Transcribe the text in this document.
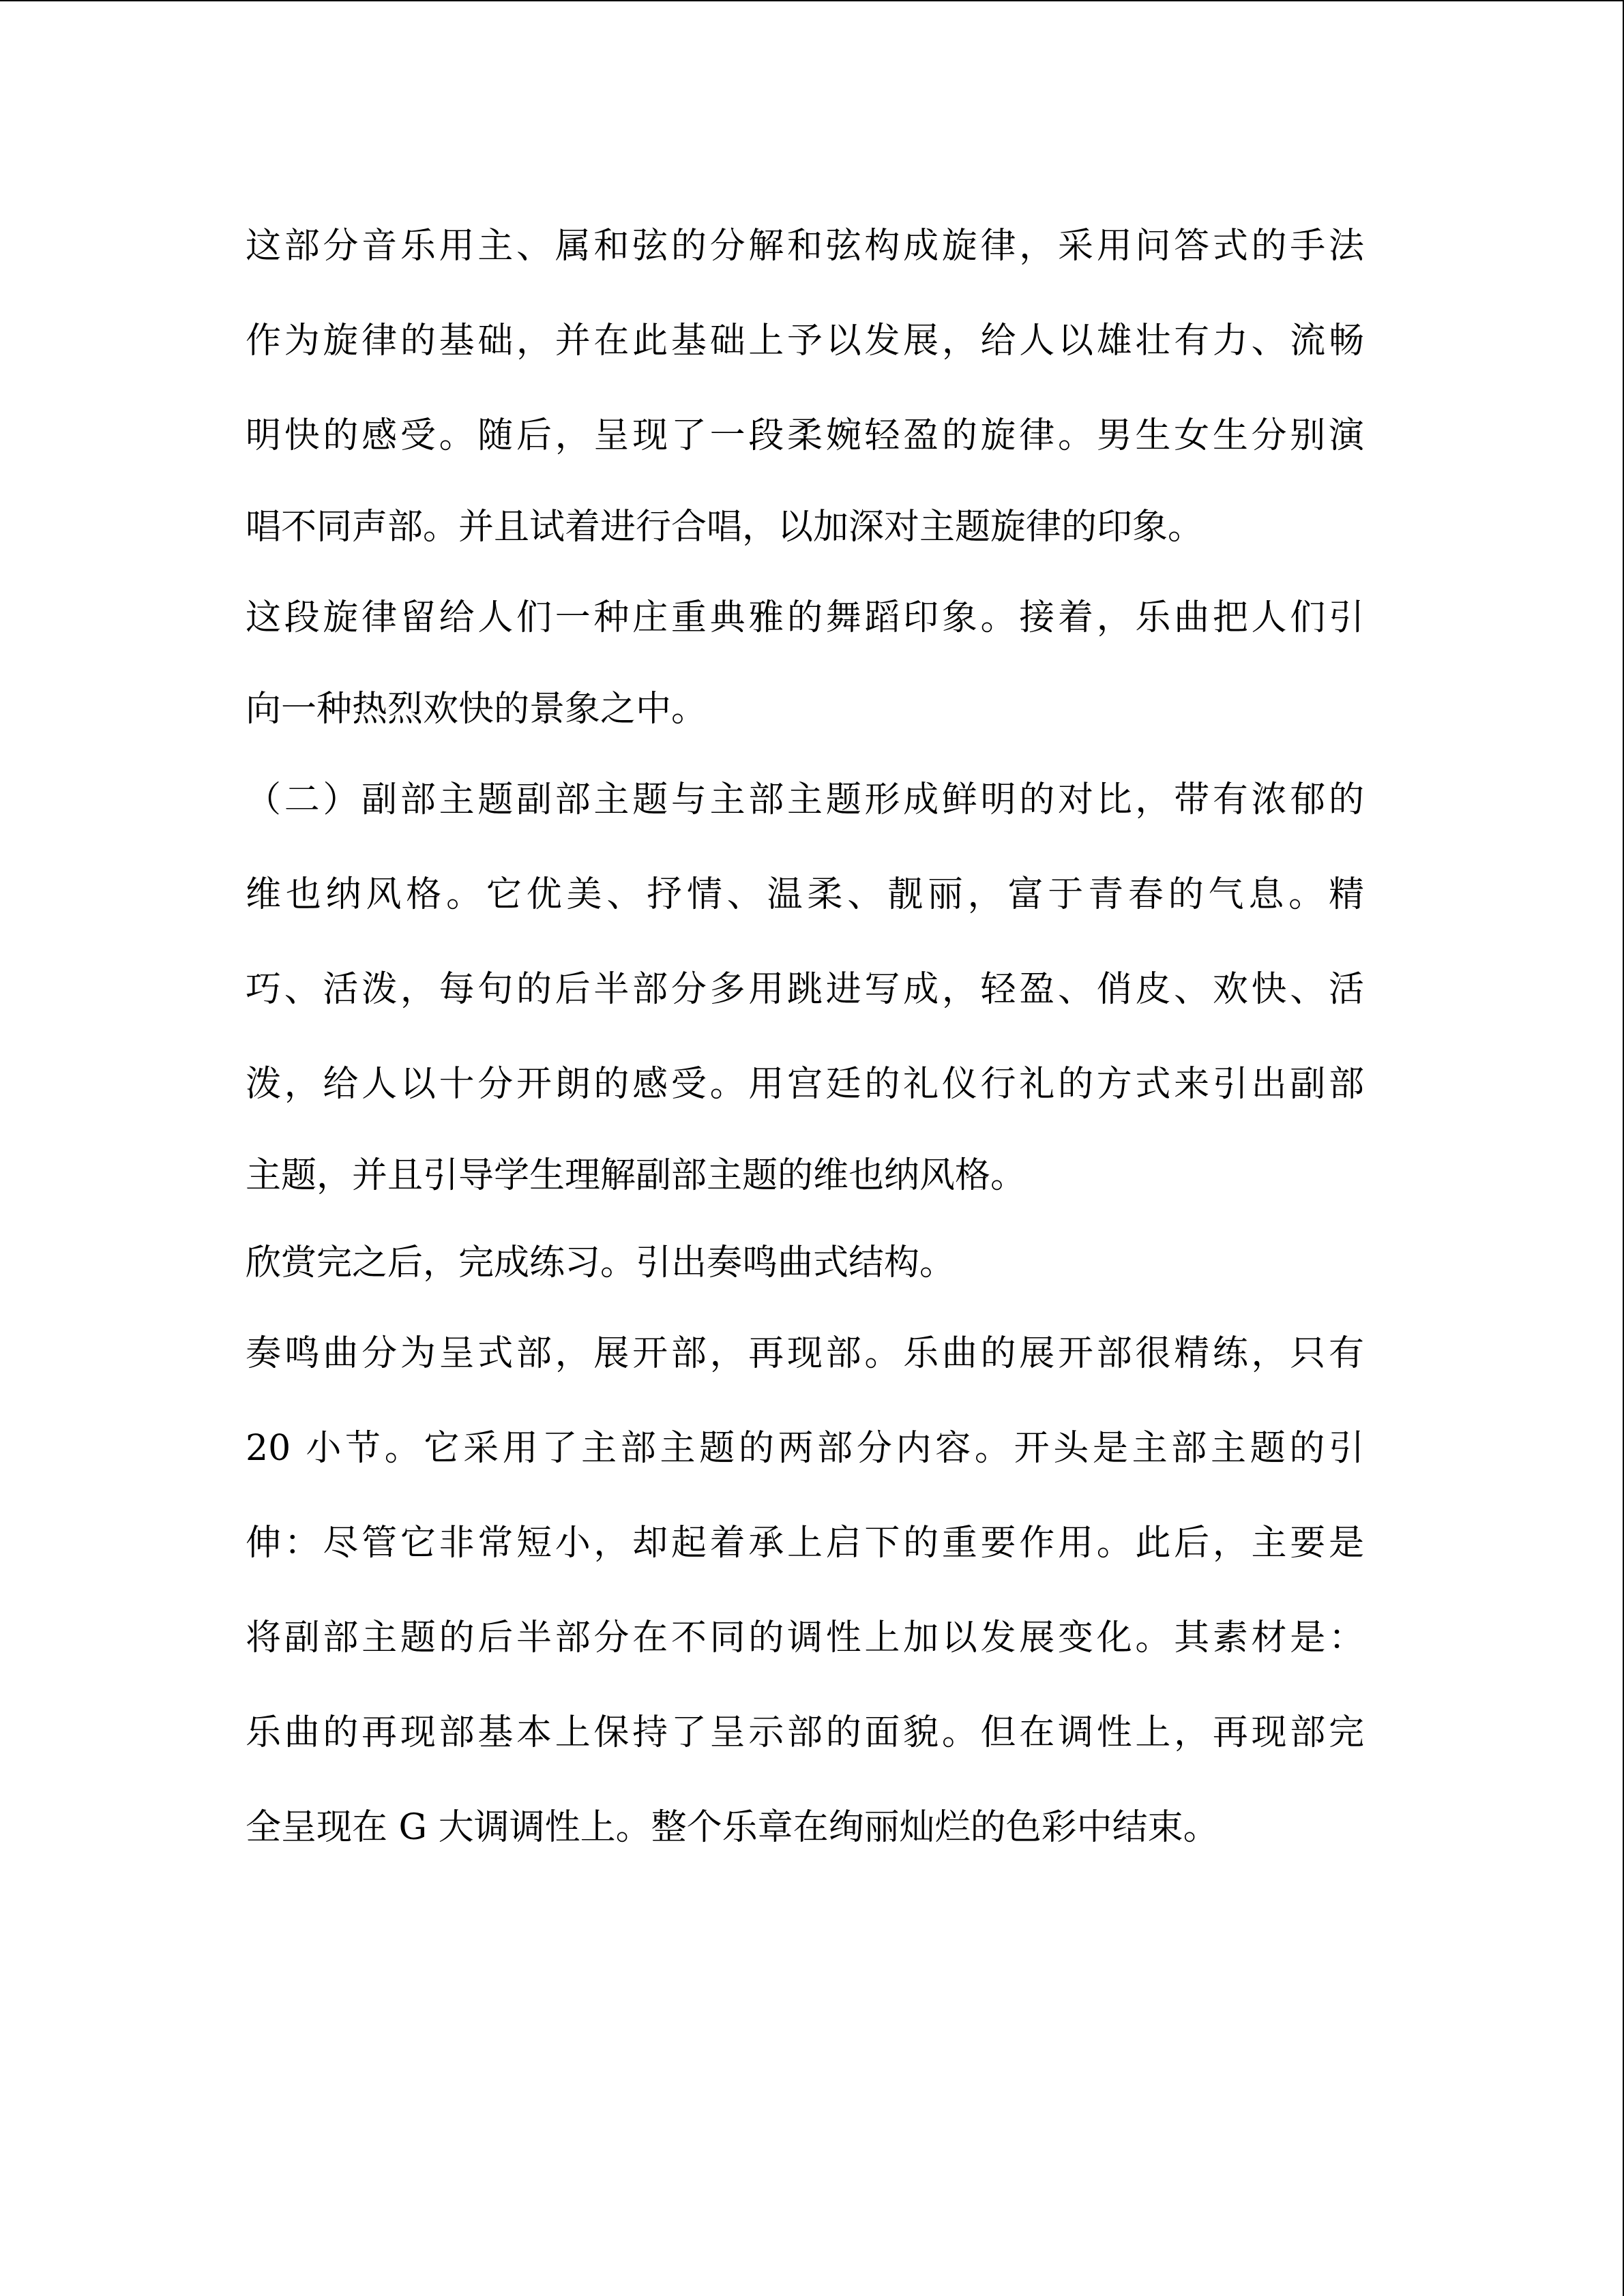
这部分音乐用主、属和弦的分解和弦构成旋律，采用问答式的手法
作为旋律的基础，并在此基础上予以发展，给人以雄壮有力、流畅
明快的感受。随后，呈现了一段柔婉轻盈的旋律。男生女生分别演
唱不同声部。并且试着进行合唱，以加深对主题旋律的印象。
这段旋律留给人们一种庄重典雅的舞蹈印象。接着，乐曲把人们引
向一种热烈欢快的景象之中。
（二）副部主题副部主题与主部主题形成鲜明的对比，带有浓郁的
维也纳风格。它优美、抒情、温柔、靓丽，富于青春的气息。精
巧、活泼，每句的后半部分多用跳进写成，轻盈、俏皮、欢快、活
泼，给人以十分开朗的感受。用宫廷的礼仪行礼的方式来引出副部
主题，并且引导学生理解副部主题的维也纳风格。
欣赏完之后，完成练习。引出奏鸣曲式结构。
奏鸣曲分为呈式部，展开部，再现部。乐曲的展开部很精练，只有
20 小节。它采用了主部主题的两部分内容。开头是主部主题的引
伸：尽管它非常短小，却起着承上启下的重要作用。此后，主要是
将副部主题的后半部分在不同的调性上加以发展变化。其素材是：
乐曲的再现部基本上保持了呈示部的面貌。但在调性上，再现部完
全呈现在 G 大调调性上。整个乐章在绚丽灿烂的色彩中结束。
